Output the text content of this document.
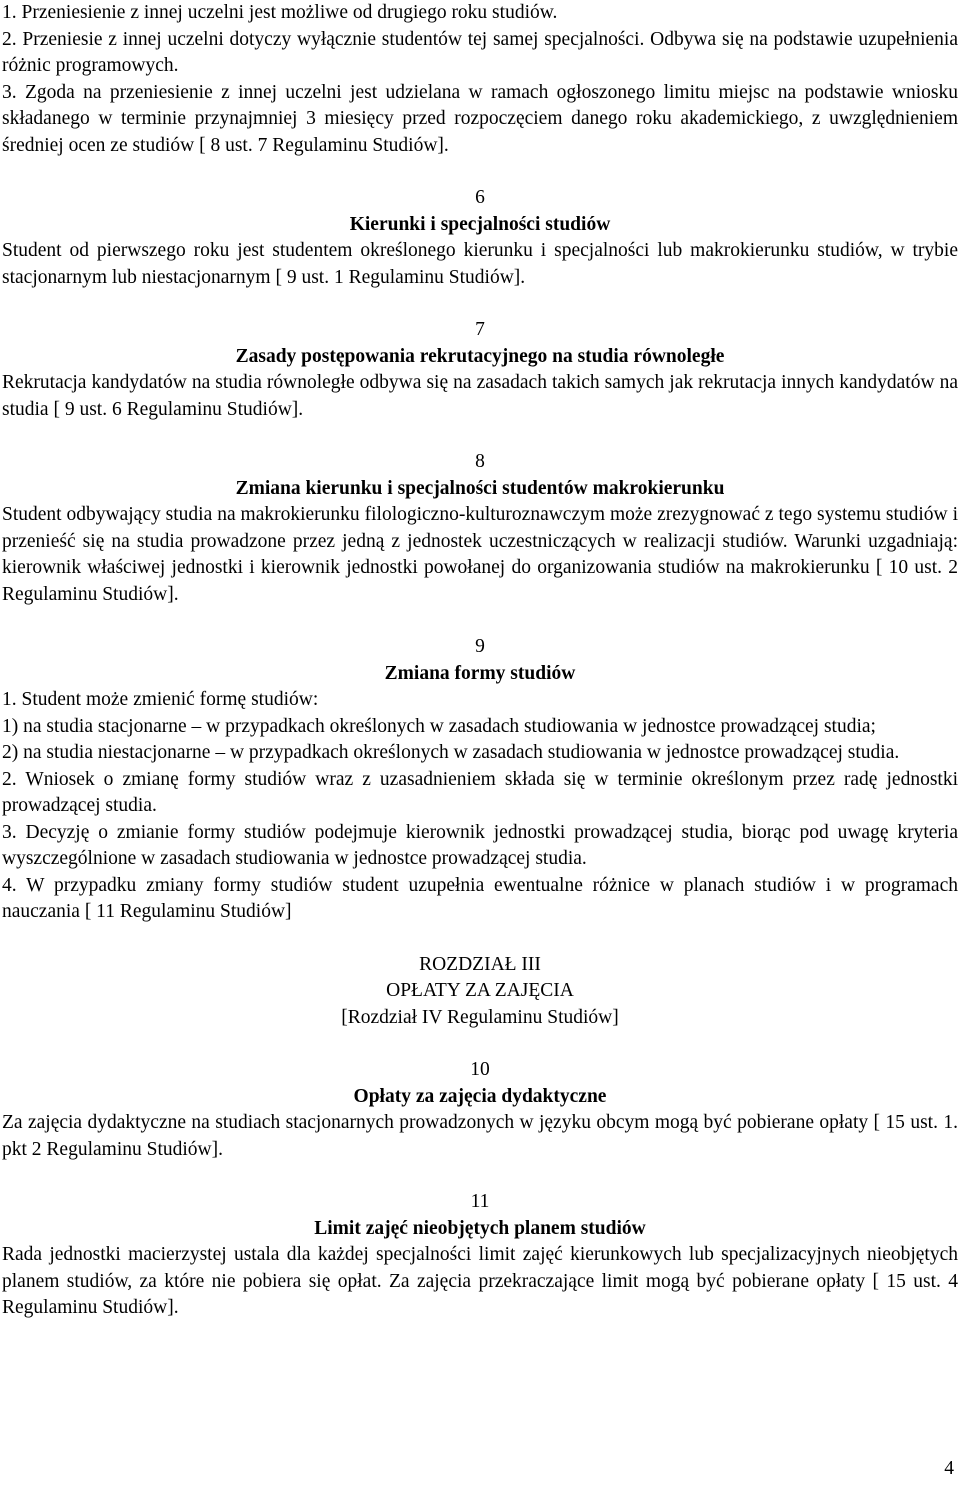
1. Przeniesienie z innej uczelni jest możliwe od drugiego roku studiów.

2. Przeniesie z innej uczelni dotyczy wyłącznie studentów tej samej specjalności. Odbywa się na podstawie uzupełnienia różnic programowych.

3. Zgoda na przeniesienie z innej uczelni jest udzielana w ramach ogłoszonego limitu miejsc na podstawie wniosku składanego w terminie przynajmniej 3 miesięcy przed rozpoczęciem danego roku akademickiego, z uwzględnieniem średniej ocen ze studiów [ 8 ust. 7 Regulaminu Studiów].

6

Kierunki i specjalności studiów

Student od pierwszego roku jest studentem określonego kierunku i specjalności lub makrokierunku studiów, w trybie stacjonarnym lub niestacjonarnym [ 9 ust. 1 Regulaminu Studiów].

7

Zasady postępowania rekrutacyjnego na studia równoległe

Rekrutacja kandydatów na studia równoległe odbywa się na zasadach takich samych jak rekrutacja innych kandydatów na studia [ 9 ust. 6 Regulaminu Studiów].

8

Zmiana kierunku i specjalności studentów makrokierunku

Student odbywający studia na makrokierunku filologiczno-kulturoznawczym może zrezygnować z tego systemu studiów i przenieść się na studia prowadzone przez jedną z jednostek uczestniczących w realizacji studiów. Warunki uzgadniają: kierownik właściwej jednostki i kierownik jednostki powołanej do organizowania studiów na makrokierunku [ 10 ust. 2 Regulaminu Studiów].

9

Zmiana formy studiów

1. Student może zmienić formę studiów:

1) na studia stacjonarne – w przypadkach określonych w zasadach studiowania w jednostce prowadzącej studia;

2) na studia niestacjonarne – w przypadkach określonych w zasadach studiowania w jednostce prowadzącej studia.

2. Wniosek o zmianę formy studiów wraz z uzasadnieniem składa się w terminie określonym przez radę jednostki prowadzącej studia.

3. Decyzję o zmianie formy studiów podejmuje kierownik jednostki prowadzącej studia, biorąc pod uwagę kryteria wyszczególnione w zasadach studiowania w jednostce prowadzącej studia.

4. W przypadku zmiany formy studiów student uzupełnia ewentualne różnice w planach studiów i w programach nauczania [ 11 Regulaminu Studiów]

ROZDZIAŁ III

OPŁATY ZA ZAJĘCIA

[Rozdział IV Regulaminu Studiów]

10

Opłaty za zajęcia dydaktyczne

Za zajęcia dydaktyczne na studiach stacjonarnych prowadzonych w języku obcym mogą być pobierane opłaty [ 15 ust. 1. pkt 2 Regulaminu Studiów].

11

Limit zajęć nieobjętych planem studiów

Rada jednostki macierzystej ustala dla każdej specjalności limit zajęć kierunkowych lub specjalizacyjnych nieobjętych planem studiów, za które nie pobiera się opłat. Za zajęcia przekraczające limit mogą być pobierane opłaty [ 15 ust. 4 Regulaminu Studiów].

4
